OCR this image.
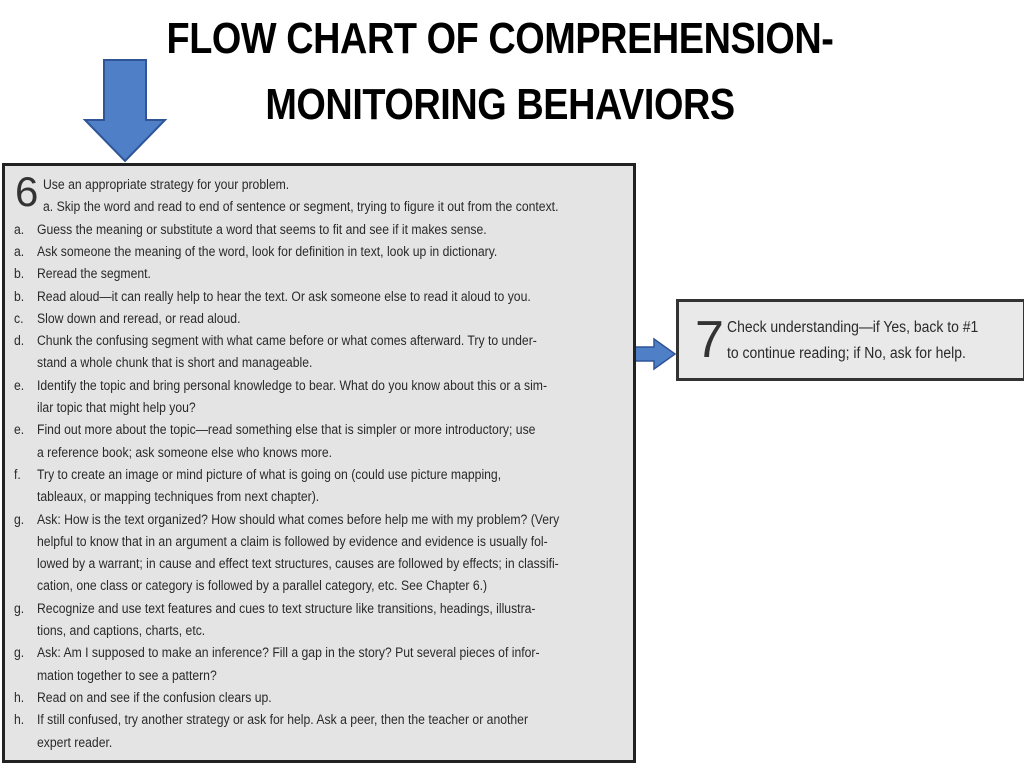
FLOW CHART OF COMPREHENSION-
MONITORING BEHAVIORS
6 Use an appropriate strategy for your problem.
a. Skip the word and read to end of sentence or segment, trying to figure it out from the context.
a. Guess the meaning or substitute a word that seems to fit and see if it makes sense.
a. Ask someone the meaning of the word, look for definition in text, look up in dictionary.
b. Reread the segment.
b. Read aloud—it can really help to hear the text. Or ask someone else to read it aloud to you.
c. Slow down and reread, or read aloud.
d. Chunk the confusing segment with what came before or what comes afterward. Try to under-
stand a whole chunk that is short and manageable.
e. Identify the topic and bring personal knowledge to bear. What do you know about this or a sim-
ilar topic that might help you?
e. Find out more about the topic—read something else that is simpler or more introductory; use
a reference book; ask someone else who knows more.
f. Try to create an image or mind picture of what is going on (could use picture mapping,
tableaux, or mapping techniques from next chapter).
g. Ask: How is the text organized? How should what comes before help me with my problem? (Very
helpful to know that in an argument a claim is followed by evidence and evidence is usually fol-
lowed by a warrant; in cause and effect text structures, causes are followed by effects; in classifi-
cation, one class or category is followed by a parallel category, etc. See Chapter 6.)
g. Recognize and use text features and cues to text structure like transitions, headings, illustra-
tions, and captions, charts, etc.
g. Ask: Am I supposed to make an inference? Fill a gap in the story? Put several pieces of infor-
mation together to see a pattern?
h. Read on and see if the confusion clears up.
h. If still confused, try another strategy or ask for help. Ask a peer, then the teacher or another
expert reader.
7 Check understanding—if Yes, back to #1
to continue reading; if No, ask for help.
